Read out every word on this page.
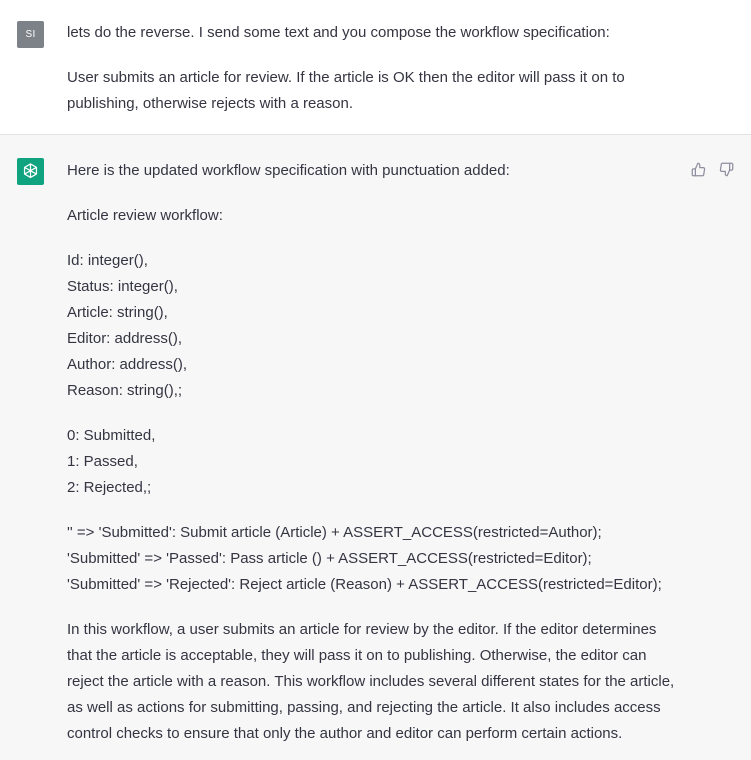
SI	lets do the reverse. I send some text and you compose the workflow specification:

User submits an article for review. If the article is OK then the editor will pass it on to

publishing, otherwise rejects with a reason.

Here is the updated workflow specification with punctuation added:

Article review workflow:

Id: integer(),

Status: integer(),

Article: string(),

Editor: address(),

Author: address(),

Reason: string(),;

0: Submitted,

1: Passed,

2: Rejected,;

'' => 'Submitted': Submit article (Article) + ASSERT_ACCESS(restricted=Author);

'Submitted' => 'Passed': Pass article () + ASSERT_ACCESS(restricted=Editor);

'Submitted' => 'Rejected': Reject article (Reason) + ASSERT_ACCESS(restricted=Editor);

In this workflow, a user submits an article for review by the editor. If the editor determines

that the article is acceptable, they will pass it on to publishing. Otherwise, the editor can

reject the article with a reason. This workflow includes several different states for the article,

as well as actions for submitting, passing, and rejecting the article. It also includes access

control checks to ensure that only the author and editor can perform certain actions.
